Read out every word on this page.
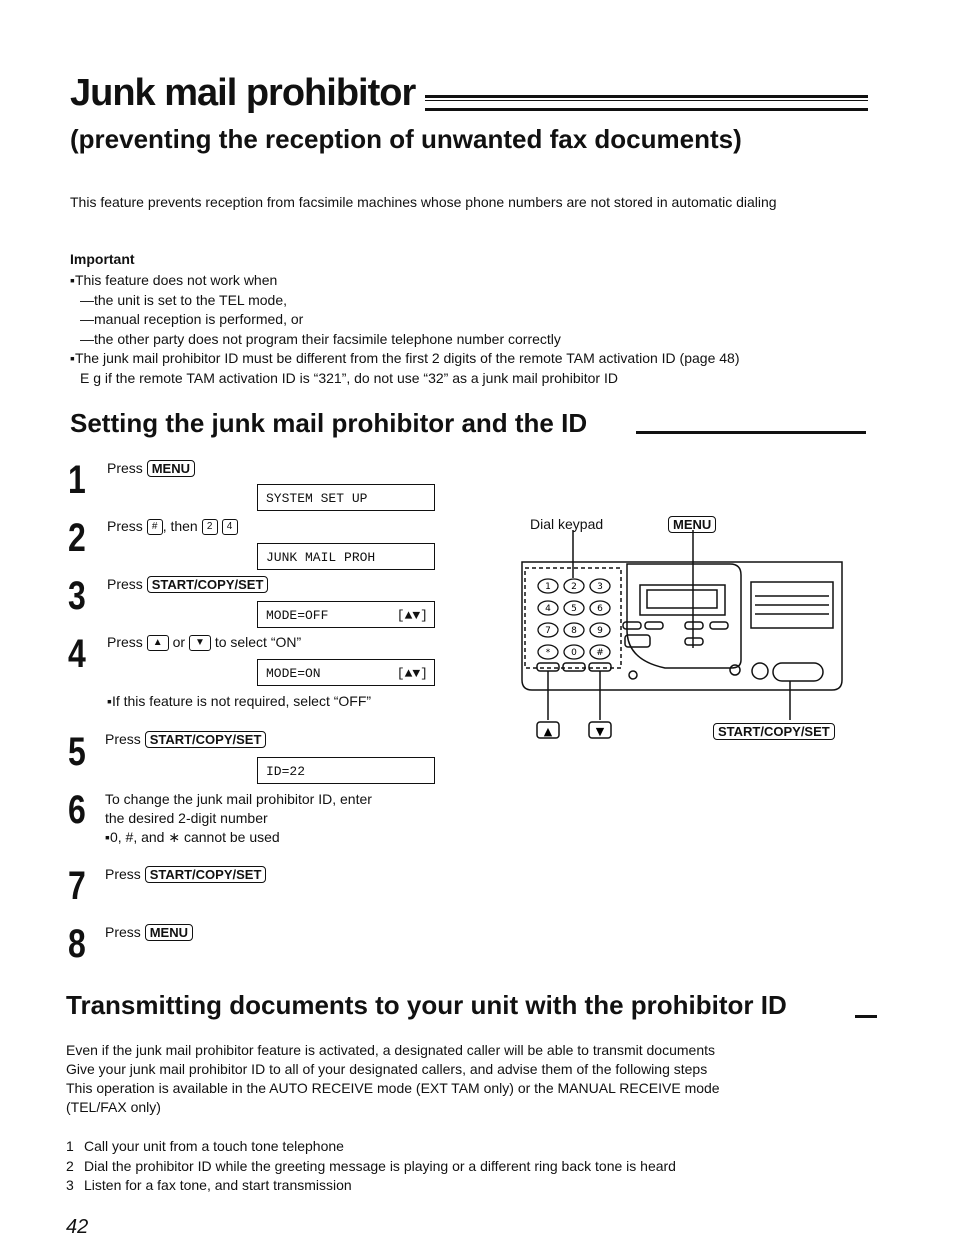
Junk mail prohibitor
(preventing the reception of unwanted fax documents)
This feature prevents reception from facsimile machines whose phone numbers are not stored in automatic dialing
Important
▪This feature does not work when
—the unit is set to the TEL mode,
—manual reception is performed, or
—the other party does not program their facsimile telephone number correctly
▪The junk mail prohibitor ID must be different from the first 2 digits of the remote TAM activation ID (page 48)
E g if the remote TAM activation ID is “321”, do not use “32” as a junk mail prohibitor ID
Setting the junk mail prohibitor and the ID
1 Press MENU
SYSTEM SET UP
2 Press # , then 2 4
JUNK MAIL PROH
3 Press START/COPY/SET
MODE=OFF	[▲▼]
4 Press ▲ or ▼ to select “ON”
MODE=ON	[▲▼]
▪If this feature is not required, select “OFF”
5 Press START/COPY/SET
ID=22
6 To change the junk mail prohibitor ID, enter
the desired 2-digit number
▪0, #, and ∗ cannot be used
7 Press START/COPY/SET
8 Press MENU
Dial keypad	MENU
▲	▼
1 2 3
4 5 6
7 8 9
* 0 #
START/COPY/SET
Transmitting documents to your unit with the prohibitor ID
Even if the junk mail prohibitor feature is activated, a designated caller will be able to transmit documents
Give your junk mail prohibitor ID to all of your designated callers, and advise them of the following steps
This operation is available in the AUTO RECEIVE mode (EXT TAM only) or the MANUAL RECEIVE mode
(TEL/FAX only)
1 Call your unit from a touch tone telephone
2 Dial the prohibitor ID while the greeting message is playing or a different ring back tone is heard
3 Listen for a fax tone, and start transmission
42
